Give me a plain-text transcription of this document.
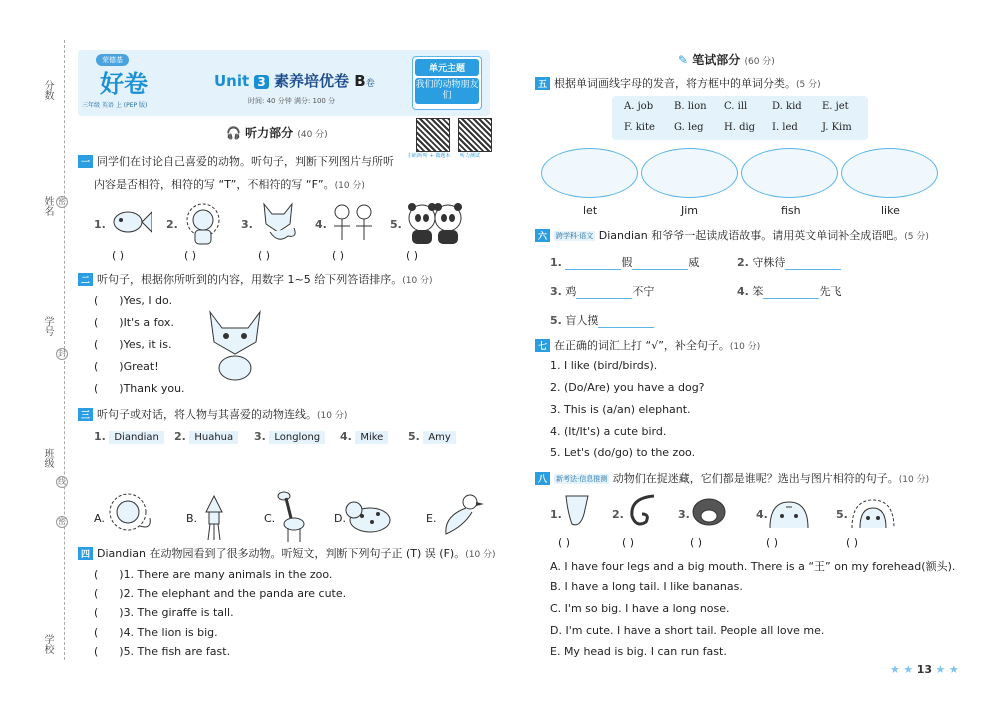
分数
姓名
学号
班级
学校
密
封
线
密
荣德基
好卷
三年级 英语 上 (PEP 版)
Unit 3 素养培优卷 B卷
时间: 40 分钟 满分: 100 分
单元主题
我们的动物朋友们
扫码听听 + 做题本 听力测试
🎧 听力部分 (40 分)
一 同学们在讨论自己喜爱的动物。听句子，判断下列图片与所听
内容是否相符，相符的写 “T”，不相符的写 “F”。(10 分)
1.	2.	3.	4.	5.
( )	( )	( )	( )	( )
二 听句子，根据你所听到的内容，用数字 1~5 给下列答语排序。(10 分)
(      )Yes, I do.
(      )It's a fox.
(      )Yes, it is.
(      )Great!
(      )Thank you.
三 听句子或对话，将人物与其喜爱的动物连线。(10 分)
1. Diandian	2. Huahua	3. Longlong	4. Mike	5. Amy
A.	B.	C.	D.	E.
四 Diandian 在动物园看到了很多动物。听短文，判断下列句子正 (T) 误 (F)。(10 分)
(      )1. There are many animals in the zoo.
(      )2. The elephant and the panda are cute.
(      )3. The giraffe is tall.
(      )4. The lion is big.
(      )5. The fish are fast.
✎ 笔试部分 (60 分)
五 根据单词画线字母的发音，将方框中的单词分类。(5 分)
A. job B. lion C. ill D. kid E. jet
F. kite G. leg H. dig I. led J. Kim
let	Jim	fish	like
六 跨学科·语文 Diandian 和爷爷一起读成语故事。请用英文单词补全成语吧。(5 分)
1.	假	威	2. 守株待
3. 鸡	不宁	4. 笨	先飞
5. 盲人摸
七 在正确的词汇上打 “√”，补全句子。(10 分)
1. I like (bird/birds).
2. (Do/Are) you have a dog?
3. This is (a/an) elephant.
4. (It/It's) a cute bird.
5. Let's (do/go) to the zoo.
八 新考法·信息推测 动物们在捉迷藏，它们都是谁呢？选出与图片相符的句子。(10 分)
1.	2.	3.	4.	5.
( )	( )	( )	( )	( )
A. I have four legs and a big mouth. There is a “王” on my forehead(额头).
B. I have a long tail. I like bananas.
C. I'm so big. I have a long nose.
D. I'm cute. I have a short tail. People all love me.
E. My head is big. I can run fast.
★ ★ 13 ★ ★
